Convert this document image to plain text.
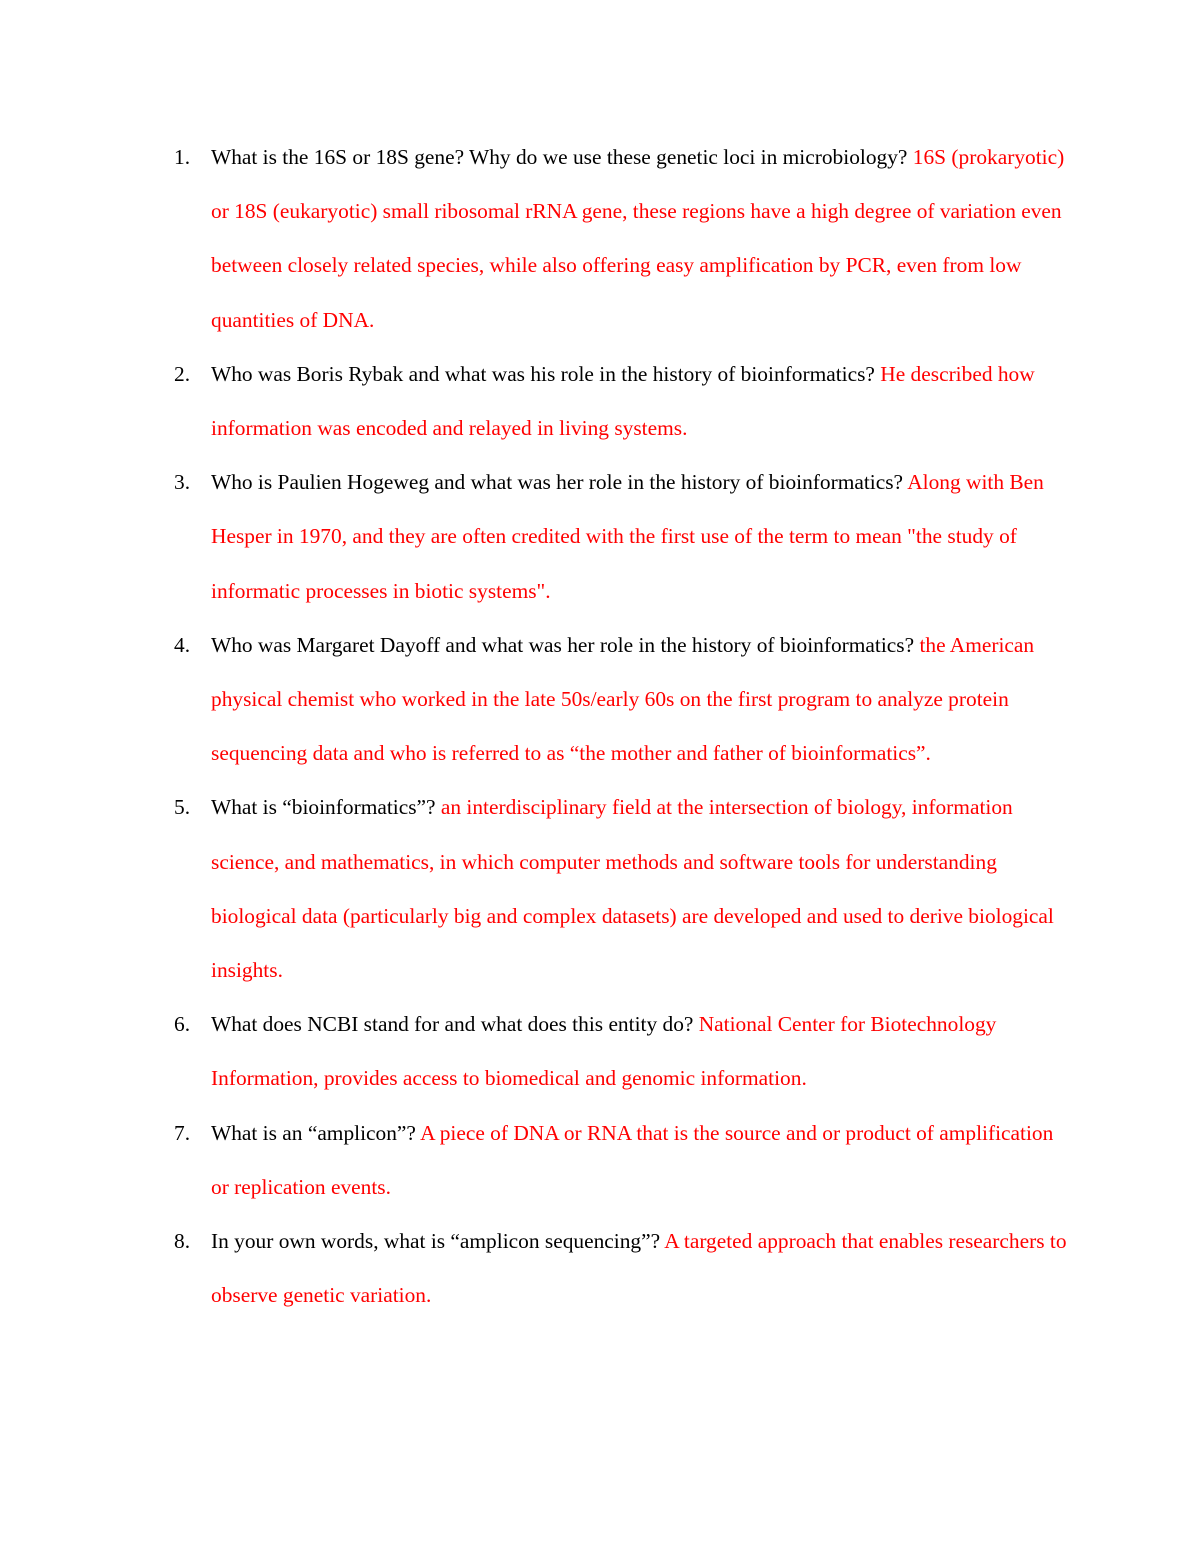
1. What is the 16S or 18S gene? Why do we use these genetic loci in microbiology? 16S (prokaryotic) or 18S (eukaryotic) small ribosomal rRNA gene, these regions have a high degree of variation even between closely related species, while also offering easy amplification by PCR, even from low quantities of DNA.
2. Who was Boris Rybak and what was his role in the history of bioinformatics? He described how information was encoded and relayed in living systems.
3. Who is Paulien Hogeweg and what was her role in the history of bioinformatics? Along with Ben Hesper in 1970, and they are often credited with the first use of the term to mean "the study of informatic processes in biotic systems".
4. Who was Margaret Dayoff and what was her role in the history of bioinformatics? the American physical chemist who worked in the late 50s/early 60s on the first program to analyze protein sequencing data and who is referred to as “the mother and father of bioinformatics”.
5. What is “bioinformatics”? an interdisciplinary field at the intersection of biology, information science, and mathematics, in which computer methods and software tools for understanding biological data (particularly big and complex datasets) are developed and used to derive biological insights.
6. What does NCBI stand for and what does this entity do? National Center for Biotechnology Information, provides access to biomedical and genomic information.
7. What is an “amplicon”? A piece of DNA or RNA that is the source and or product of amplification or replication events.
8. In your own words, what is “amplicon sequencing”? A targeted approach that enables researchers to observe genetic variation.
